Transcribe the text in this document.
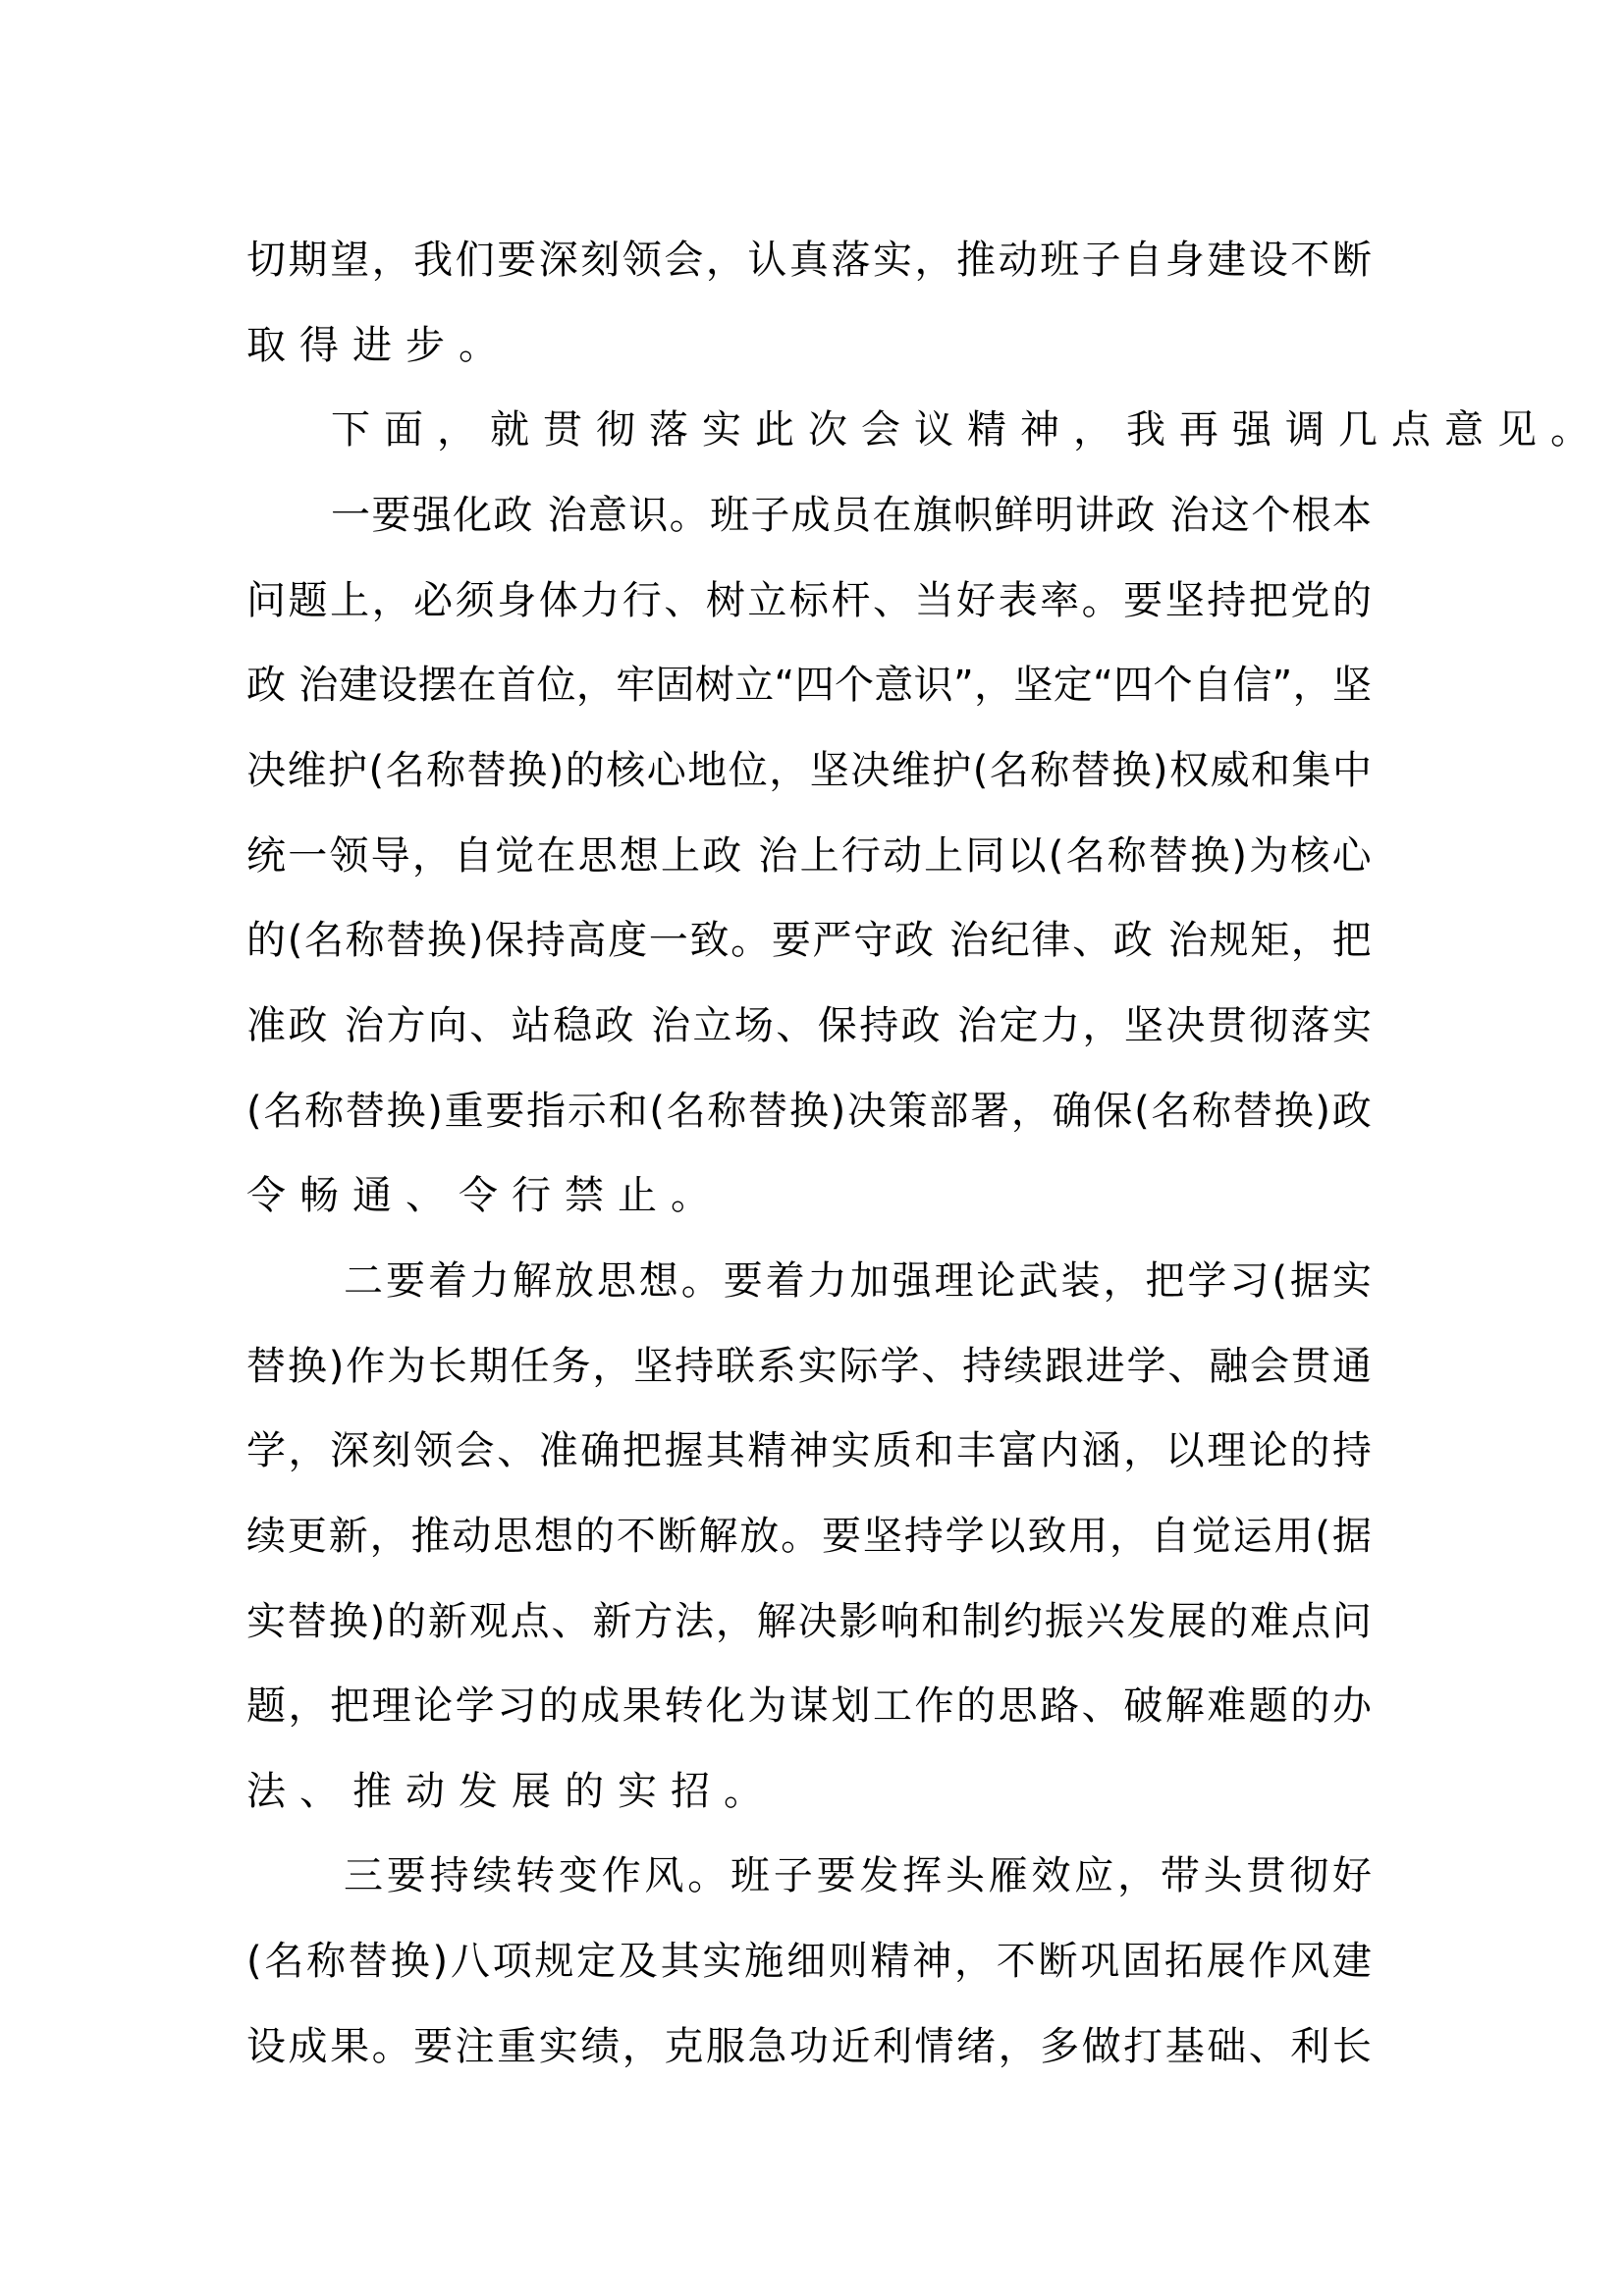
切 期 望 ， 我 们 要 深 刻 领 会 ， 认 真 落 实 ， 推 动 班 子 自 身 建 设 不 断
取得进步。
下面，就贯彻落实此次会议精神，我再强调几点意见。
一 要 强 化 政
治 意 识 。 班 子 成 员 在 旗 帜 鲜 明 讲 政
治 这 个 根 本
问 题 上 ， 必 须 身 体 力 行 、 树 立 标 杆 、 当 好 表 率 。 要 坚 持 把 党 的
政
治 建 设 摆 在 首 位 ， 牢 固 树 立 “ 四 个 意 识 ” ， 坚 定 “ 四 个 自 信 ” ， 坚
决 维 护 ( 名 称 替 换 ) 的 核 心 地 位 ， 坚 决 维 护 ( 名 称 替 换 ) 权 威 和 集 中
统 一 领 导 ， 自 觉 在 思 想 上 政
治 上 行 动 上 同 以 ( 名 称 替 换 ) 为 核 心
的 ( 名 称 替 换 ) 保 持 高 度 一 致 。 要 严 守 政
治 纪 律 、 政
治 规 矩 ， 把
准 政
治 方 向 、 站 稳 政
治 立 场 、 保 持 政
治 定 力 ， 坚 决 贯 彻 落 实
( 名 称 替 换 ) 重 要 指 示 和 ( 名 称 替 换 ) 决 策 部 署 ， 确 保 ( 名 称 替 换 ) 政
令畅通、令行禁止。
二 要 着 力 解 放 思 想 。 要 着 力 加 强 理 论 武 装 ， 把 学 习 ( 据 实
替 换 ) 作 为 长 期 任 务 ， 坚 持 联 系 实 际 学 、 持 续 跟 进 学 、 融 会 贯 通
学 ， 深 刻 领 会 、 准 确 把 握 其 精 神 实 质 和 丰 富 内 涵 ， 以 理 论 的 持
续 更 新 ， 推 动 思 想 的 不 断 解 放 。 要 坚 持 学 以 致 用 ， 自 觉 运 用 ( 据
实 替 换 ) 的 新 观 点 、 新 方 法 ， 解 决 影 响 和 制 约 振 兴 发 展 的 难 点 问
题 ， 把 理 论 学 习 的 成 果 转 化 为 谋 划 工 作 的 思 路 、 破 解 难 题 的 办
法、推动发展的实招。
三 要 持 续 转 变 作 风 。 班 子 要 发 挥 头 雁 效 应 ， 带 头 贯 彻 好
( 名 称 替 换 ) 八 项 规 定 及 其 实 施 细 则 精 神 ， 不 断 巩 固 拓 展 作 风 建
设 成 果 。 要 注 重 实 绩 ， 克 服 急 功 近 利 情 绪 ， 多 做 打 基 础 、 利 长
